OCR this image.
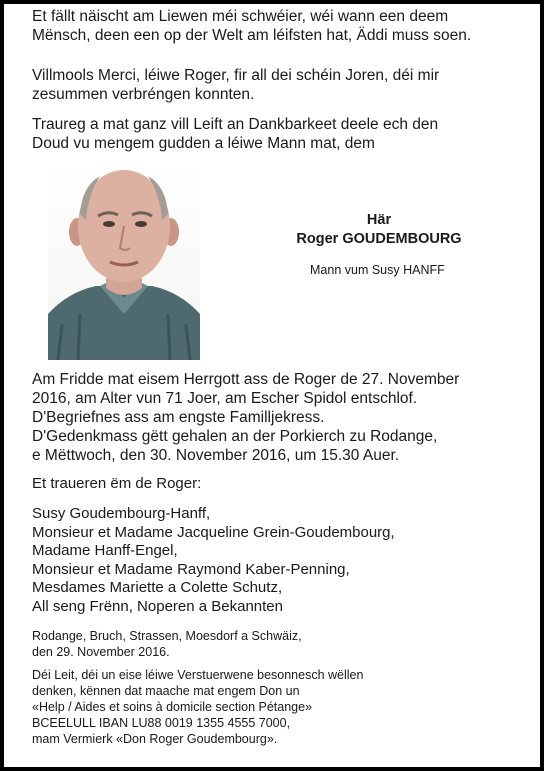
Et fällt näischt am Liewen méi schwéier, wéi wann een deem
Mënsch, deen een op der Welt am léifsten hat, Äddi muss soen.

Villmools Merci, léiwe Roger, fir all dei schéin Joren, déi mir
zesummen verbréngen konnten.

Traureg a mat ganz vill Leift an Dankbarkeet deele ech den
Doud vu mengem gudden a léiwe Mann mat, dem

Här
Roger GOUDEMBOURG
Mann vum Susy HANFF

Am Fridde mat eisem Herrgott ass de Roger de 27. November
2016, am Alter vun 71 Joer, am Escher Spidol entschlof.
D'Begriefnes ass am engste Famillјekress.
D'Gedenkmass gëtt gehalen an der Porkierch zu Rodange,
e Mëttwoch, den 30. November 2016, um 15.30 Auer.

Et traueren ëm de Roger:

Susy Goudembourg-Hanff,
Monsieur et Madame Jacqueline Grein-Goudembourg,
Madame Hanff-Engel,
Monsieur et Madame Raymond Kaber-Penning,
Mesdames Mariette a Colette Schutz,
All seng Frënn, Noperen a Bekannten

Rodange, Bruch, Strassen, Moesdorf a Schwäiz,
den 29. November 2016.

Déi Leit, déi un eise léiwe Verstuerwene besonnesch wëllen
denken, kënnen dat maache mat engem Don un
«Help / Aides et soins à domicile section Pétange»
BCEELULL IBAN LU88 0019 1355 4555 7000,
mam Vermierk «Don Roger Goudembourg».
